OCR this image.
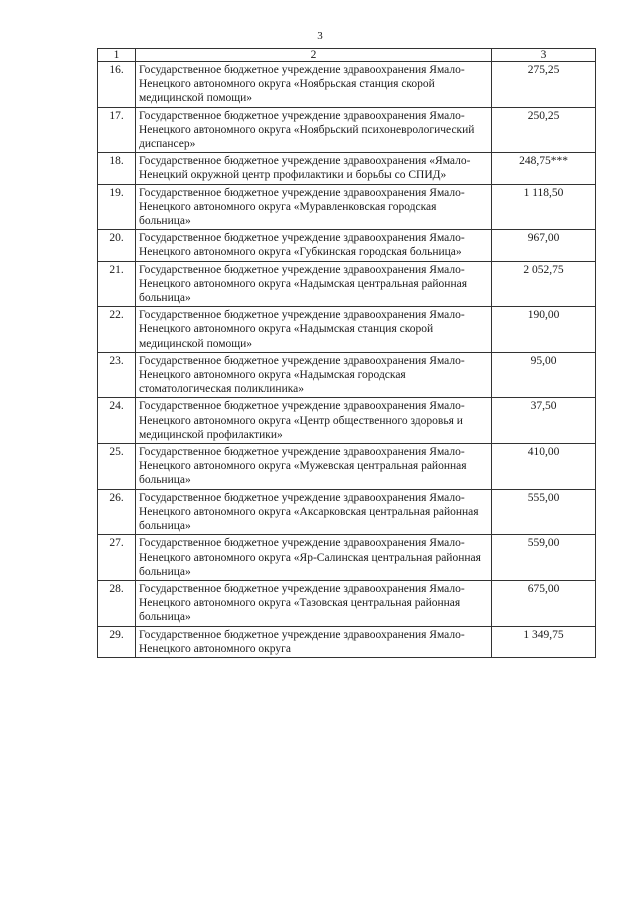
3
1	2	3
16.	Государственное бюджетное учреждение здравоохранения Ямало-Ненецкого автономного округа «Ноябрьская станция скорой медицинской помощи»	275,25
17.	Государственное бюджетное учреждение здравоохранения Ямало-Ненецкого автономного округа «Ноябрьский психоневрологический диспансер»	250,25
18.	Государственное бюджетное учреждение здравоохранения «Ямало-Ненецкий окружной центр профилактики и борьбы со СПИД»	248,75***
19.	Государственное бюджетное учреждение здравоохранения Ямало-Ненецкого автономного округа «Муравленковская городская больница»	1 118,50
20.	Государственное бюджетное учреждение здравоохранения Ямало-Ненецкого автономного округа «Губкинская городская больница»	967,00
21.	Государственное бюджетное учреждение здравоохранения Ямало-Ненецкого автономного округа «Надымская центральная районная больница»	2 052,75
22.	Государственное бюджетное учреждение здравоохранения Ямало-Ненецкого автономного округа «Надымская станция скорой медицинской помощи»	190,00
23.	Государственное бюджетное учреждение здравоохранения Ямало-Ненецкого автономного округа «Надымская городская стоматологическая поликлиника»	95,00
24.	Государственное бюджетное учреждение здравоохранения Ямало-Ненецкого автономного округа «Центр общественного здоровья и медицинской профилактики»	37,50
25.	Государственное бюджетное учреждение здравоохранения Ямало-Ненецкого автономного округа «Мужевская центральная районная больница»	410,00
26.	Государственное бюджетное учреждение здравоохранения Ямало-Ненецкого автономного округа «Аксарковская центральная районная больница»	555,00
27.	Государственное бюджетное учреждение здравоохранения Ямало-Ненецкого автономного округа «Яр-Салинская центральная районная больница»	559,00
28.	Государственное бюджетное учреждение здравоохранения Ямало-Ненецкого автономного округа «Тазовская центральная районная больница»	675,00
29.	Государственное бюджетное учреждение здравоохранения Ямало-Ненецкого автономного округа	1 349,75
